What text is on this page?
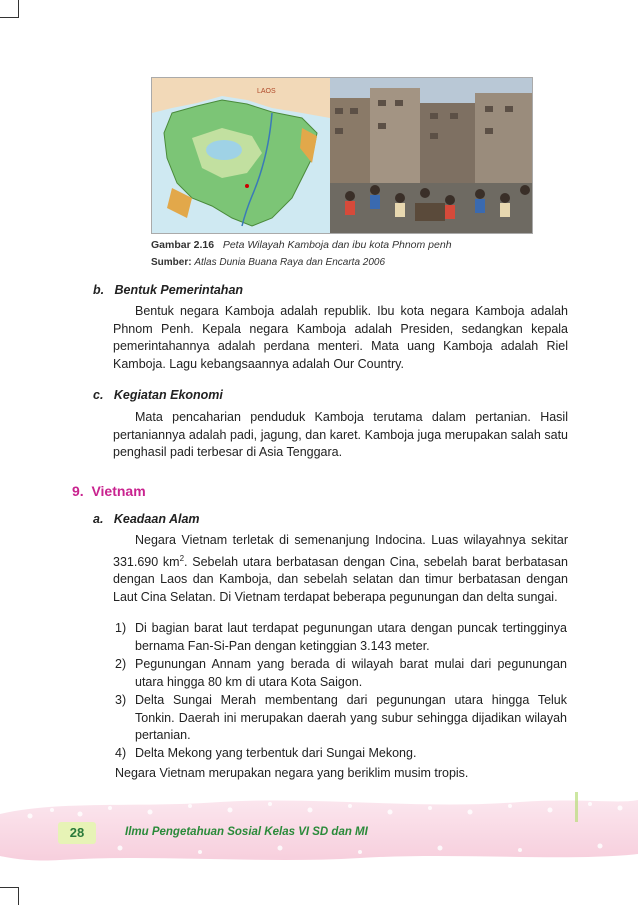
LAOS
Gambar 2.16 Peta Wilayah Kamboja dan ibu kota Phnom penh
Sumber: Atlas Dunia Buana Raya dan Encarta 2006
b.   Bentuk Pemerintahan
Bentuk negara Kamboja adalah republik. Ibu kota negara Kamboja adalah Phnom Penh. Kepala negara Kamboja adalah Presiden, sedangkan kepala pemerintahannya adalah perdana menteri. Mata uang Kamboja adalah Riel Kamboja. Lagu kebangsaannya adalah Our Country.
c.   Kegiatan Ekonomi
Mata pencaharian penduduk Kamboja terutama dalam pertanian. Hasil pertaniannya adalah padi, jagung, dan karet. Kamboja juga merupakan salah satu penghasil padi terbesar di Asia Tenggara.
9.  Vietnam
a.   Keadaan Alam
Negara Vietnam terletak di semenanjung Indocina. Luas wilayahnya sekitar 331.690 $km^2$. Sebelah utara berbatasan dengan Cina, sebelah barat berbatasan dengan Laos dan Kamboja, dan sebelah selatan dan timur berbatasan dengan Laut Cina Selatan. Di Vietnam terdapat beberapa pegunungan dan delta sungai.
1) Di bagian barat laut terdapat pegunungan utara dengan puncak tertingginya bernama Fan-Si-Pan dengan ketinggian 3.143 meter.
2) Pegunungan Annam yang berada di wilayah barat mulai dari pegunungan utara hingga 80 km di utara Kota Saigon.
3) Delta Sungai Merah membentang dari pegunungan utara hingga Teluk Tonkin. Daerah ini merupakan daerah yang subur sehingga dijadikan wilayah pertanian.
4) Delta Mekong yang terbentuk dari Sungai Mekong.
Negara Vietnam merupakan negara yang beriklim musim tropis.
28	Ilmu Pengetahuan Sosial Kelas VI SD dan MI
